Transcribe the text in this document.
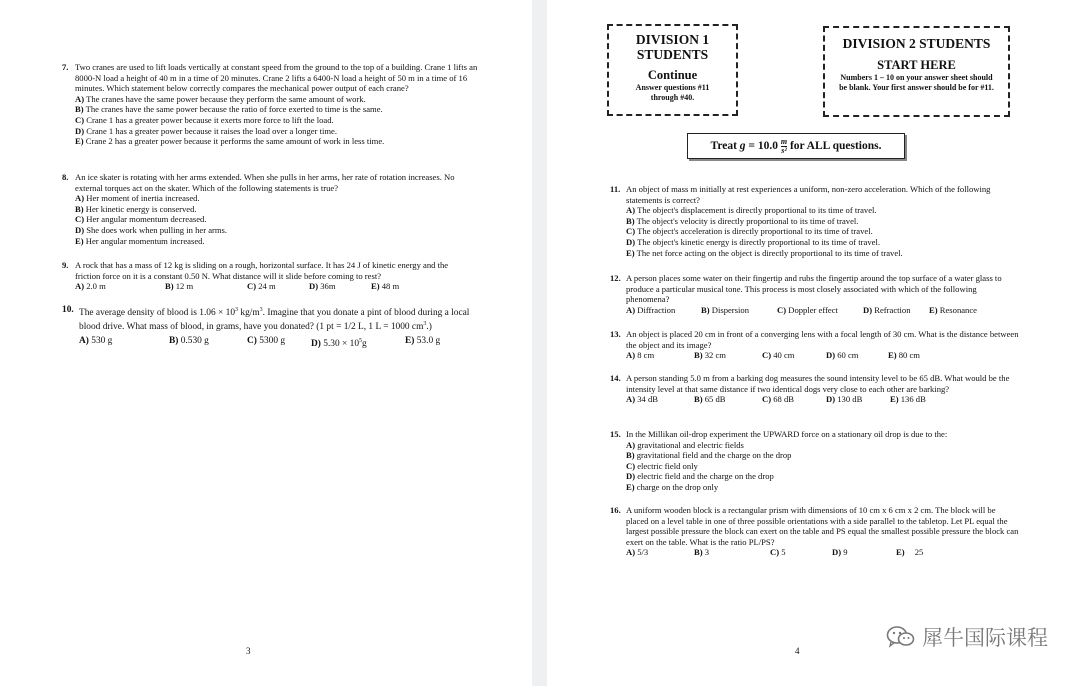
7. Two cranes are used to lift loads vertically at constant speed from the ground to the top of a building. Crane 1 lifts an 8000-N load a height of 40 m in a time of 20 minutes. Crane 2 lifts a 6400-N load a height of 50 m in a time of 16 minutes. Which statement below correctly compares the mechanical power output of each crane?
A) The cranes have the same power because they perform the same amount of work.
B) The cranes have the same power because the ratio of force exerted to time is the same.
C) Crane 1 has a greater power because it exerts more force to lift the load.
D) Crane 1 has a greater power because it raises the load over a longer time.
E) Crane 2 has a greater power because it performs the same amount of work in less time.
8. An ice skater is rotating with her arms extended. When she pulls in her arms, her rate of rotation increases. No external torques act on the skater. Which of the following statements is true?
A) Her moment of inertia increased.
B) Her kinetic energy is conserved.
C) Her angular momentum decreased.
D) She does work when pulling in her arms.
E) Her angular momentum increased.
9. A rock that has a mass of 12 kg is sliding on a rough, horizontal surface. It has 24 J of kinetic energy and the friction force on it is a constant 0.50 N. What distance will it slide before coming to rest?
A) 2.0 m	B) 12 m	C) 24 m	D) 36m	E) 48 m
10. The average density of blood is $1.06 \times 10^3$ $kg/m^3$. Imagine that you donate a pint of blood during a local blood drive. What mass of blood, in grams, have you donated? (1 pt = 1/2 L, 1 L = 1000 $cm^3$.)
A) 530 g	B) 0.530 g	C) 5300 g	D) $5.30 \times 10^5g$	E) 53.0 g
3
DIVISION 1 STUDENTS
Continue
Answer questions #11 through #40.
DIVISION 2 STUDENTS
START HERE
Numbers 1 – 10 on your answer sheet should be blank. Your first answer should be for #11.
Treat $g = 10.0 \frac{m}{\text{s²}}$ for ALL questions.
11. An object of mass m initially at rest experiences a uniform, non-zero acceleration. Which of the following statements is correct?
A) The object's displacement is directly proportional to its time of travel.
B) The object's velocity is directly proportional to its time of travel.
C) The object's acceleration is directly proportional to its time of travel.
D) The object's kinetic energy is directly proportional to its time of travel.
E) The net force acting on the object is directly proportional to its time of travel.
12. A person places some water on their fingertip and rubs the fingertip around the top surface of a water glass to produce a particular musical tone. This process is most closely associated with which of the following phenomena?
A) Diffraction	B) Dispersion	C) Doppler effect	D) Refraction	E) Resonance
13. An object is placed 20 cm in front of a converging lens with a focal length of 30 cm. What is the distance between the object and its image?
A) 8 cm	B) 32 cm	C) 40 cm	D) 60 cm	E) 80 cm
14. A person standing 5.0 m from a barking dog measures the sound intensity level to be 65 dB. What would be the intensity level at that same distance if two identical dogs very close to each other are barking?
A) 34 dB	B) 65 dB	C) 68 dB	D) 130 dB	E) 136 dB
15. In the Millikan oil-drop experiment the UPWARD force on a stationary oil drop is due to the:
A) gravitational and electric fields
B) gravitational field and the charge on the drop
C) electric field only
D) electric field and the charge on the drop
E) charge on the drop only
16. A uniform wooden block is a rectangular prism with dimensions of 10 cm x 6 cm x 2 cm. The block will be placed on a level table in one of three possible orientations with a side parallel to the tabletop. Let PL equal the largest possible pressure the block can exert on the table and PS equal the smallest possible pressure the block can exert on the table. What is the ratio PL/PS?
A) 5/3	B) 3	C) 5	D) 9	E) 25
4
犀牛国际课程
